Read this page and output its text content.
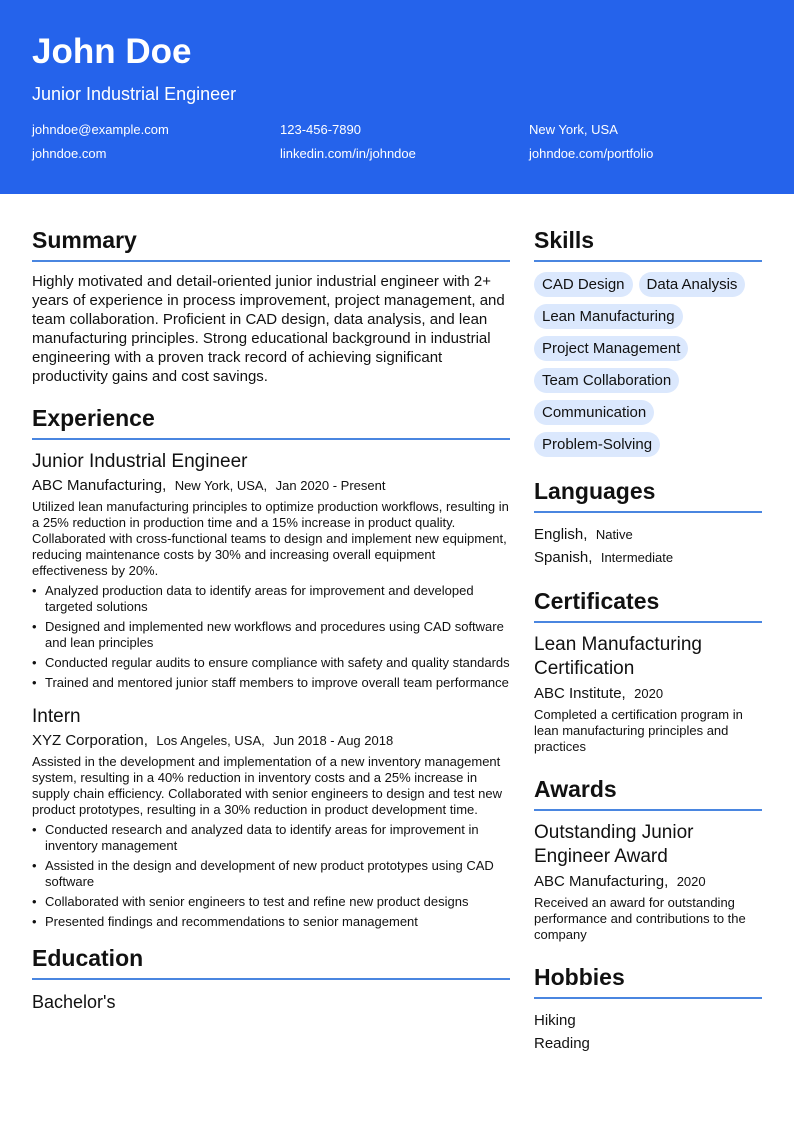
John Doe
Junior Industrial Engineer
johndoe@example.com	123-456-7890	New York, USA
johndoe.com	linkedin.com/in/johndoe	johndoe.com/portfolio
Summary

Highly motivated and detail-oriented junior industrial engineer with 2+ years of experience in process improvement, project management, and team collaboration. Proficient in CAD design, data analysis, and lean manufacturing principles. Strong educational background in industrial engineering with a proven track record of achieving significant productivity gains and cost savings.

Experience
Junior Industrial Engineer
ABC Manufacturing, New York, USA, Jan 2020 - Present

Utilized lean manufacturing principles to optimize production workflows, resulting in a 25% reduction in production time and a 15% increase in product quality. Collaborated with cross-functional teams to design and implement new equipment, reducing maintenance costs by 30% and increasing overall equipment effectiveness by 20%.

• Analyzed production data to identify areas for improvement and developed targeted solutions
• Designed and implemented new workflows and procedures using CAD software and lean principles
• Conducted regular audits to ensure compliance with safety and quality standards
• Trained and mentored junior staff members to improve overall team performance
Intern
XYZ Corporation, Los Angeles, USA, Jun 2018 - Aug 2018

Assisted in the development and implementation of a new inventory management system, resulting in a 40% reduction in inventory costs and a 25% increase in supply chain efficiency. Collaborated with senior engineers to design and test new product prototypes, resulting in a 30% reduction in product development time.

• Conducted research and analyzed data to identify areas for improvement in inventory management
• Assisted in the design and development of new product prototypes using CAD software
• Collaborated with senior engineers to test and refine new product designs
• Presented findings and recommendations to senior management
Education
Bachelor's
Skills
CAD Design	Data Analysis
Lean Manufacturing
Project Management
Team Collaboration
Communication
Problem-Solving
Languages
English, Native
Spanish, Intermediate
Certificates
Lean Manufacturing Certification
ABC Institute, 2020

Completed a certification program in lean manufacturing principles and practices

Awards
Outstanding Junior Engineer Award
ABC Manufacturing, 2020

Received an award for outstanding performance and contributions to the company

Hobbies
Hiking
Reading
